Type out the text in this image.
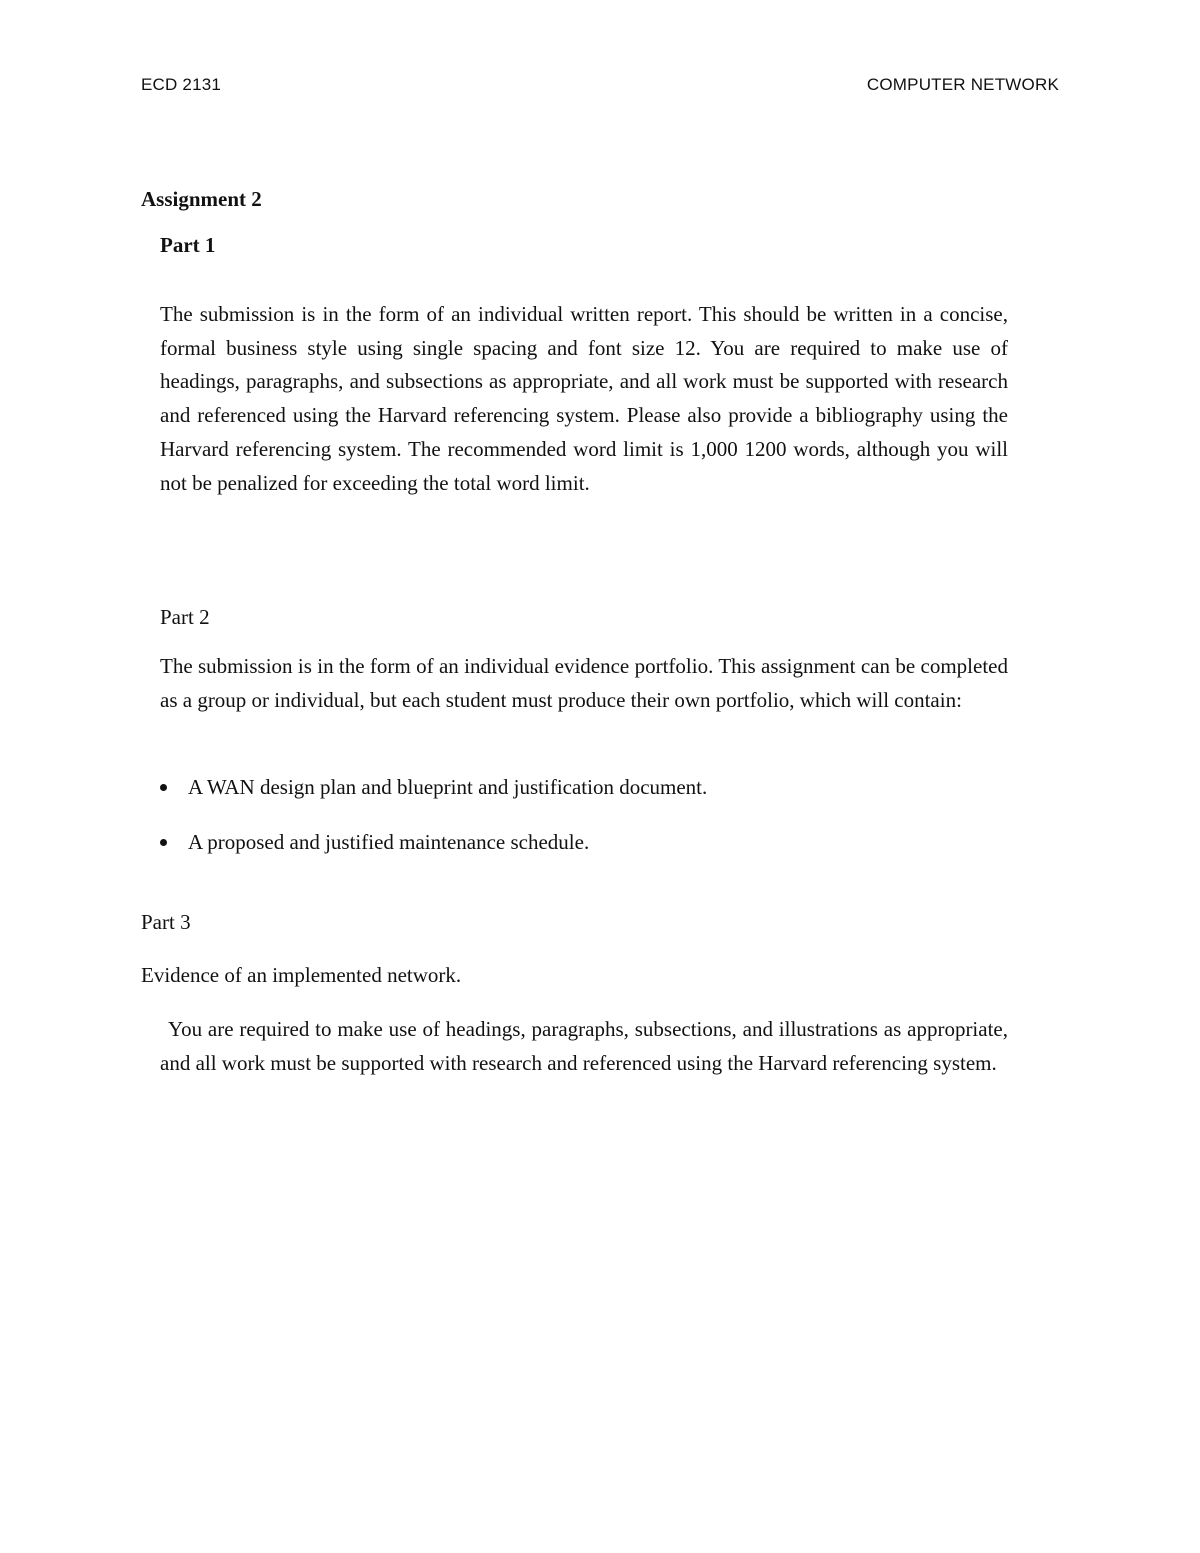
ECD 2131	COMPUTER NETWORK
Assignment 2
Part 1
The submission is in the form of an individual written report. This should be written in a concise, formal business style using single spacing and font size 12. You are required to make use of headings, paragraphs, and subsections as appropriate, and all work must be supported with research and referenced using the Harvard referencing system. Please also provide a bibliography using the Harvard referencing system. The recommended word limit is 1,000 1200 words, although you will not be penalized for exceeding the total word limit.
Part 2
The submission is in the form of an individual evidence portfolio. This assignment can be completed as a group or individual, but each student must produce their own portfolio, which will contain:
A WAN design plan and blueprint and justification document.
A proposed and justified maintenance schedule.
Part 3
Evidence of an implemented network.
You are required to make use of headings, paragraphs, subsections, and illustrations as appropriate, and all work must be supported with research and referenced using the Harvard referencing system.
